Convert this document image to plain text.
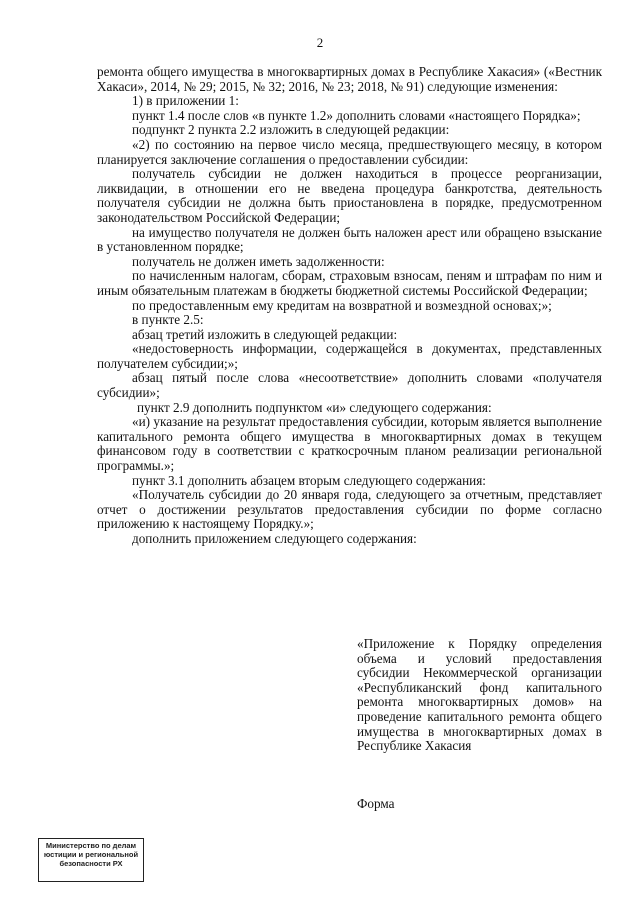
2

ремонта общего имущества в многоквартирных домах в Республике Хакасия» («Вестник Хакаси», 2014, № 29; 2015, № 32; 2016, № 23; 2018, № 91) следующие изменения:

1) в приложении 1:

пункт 1.4 после слов «в пункте 1.2» дополнить словами «настоящего Порядка»;

подпункт 2 пункта 2.2 изложить в следующей редакции:

«2) по состоянию на первое число месяца, предшествующего месяцу, в котором планируется заключение соглашения о предоставлении субсидии:

получатель субсидии не должен находиться в процессе реорганизации, ликвидации, в отношении его не введена процедура банкротства, деятельность получателя субсидии не должна быть приостановлена в порядке, предусмотренном законодательством Российской Федерации;

на имущество получателя не должен быть наложен арест или обращено взыскание в установленном порядке;

получатель не должен иметь задолженности:

по начисленным налогам, сборам, страховым взносам, пеням и штрафам по ним и иным обязательным платежам в бюджеты бюджетной системы Российской Федерации;

по предоставленным ему кредитам на возвратной и возмездной основах;»;

в пункте 2.5:

абзац третий изложить в следующей редакции:

«недостоверность информации, содержащейся в документах, представленных получателем субсидии;»;

абзац пятый после слова «несоответствие» дополнить словами «получателя субсидии»;

пункт 2.9 дополнить подпунктом «и» следующего содержания:

«и) указание на результат предоставления субсидии, которым является выполнение капитального ремонта общего имущества в многоквартирных домах в текущем финансовом году в соответствии с краткосрочным планом реализации региональной программы.»;

пункт 3.1 дополнить абзацем вторым следующего содержания:

«Получатель субсидии до 20 января года, следующего за отчетным, представляет отчет о достижении результатов предоставления субсидии по форме согласно приложению к настоящему Порядку.»;

дополнить приложением следующего содержания:

«Приложение к Порядку определения объема и условий предоставления субсидии Некоммерческой организации «Республиканский фонд капитального ремонта многоквартирных домов» на проведение капитального ремонта общего имущества в многоквартирных домах в Республике Хакасия
Форма
Министерство по делам
юстиции и региональной
безопасности РХ
